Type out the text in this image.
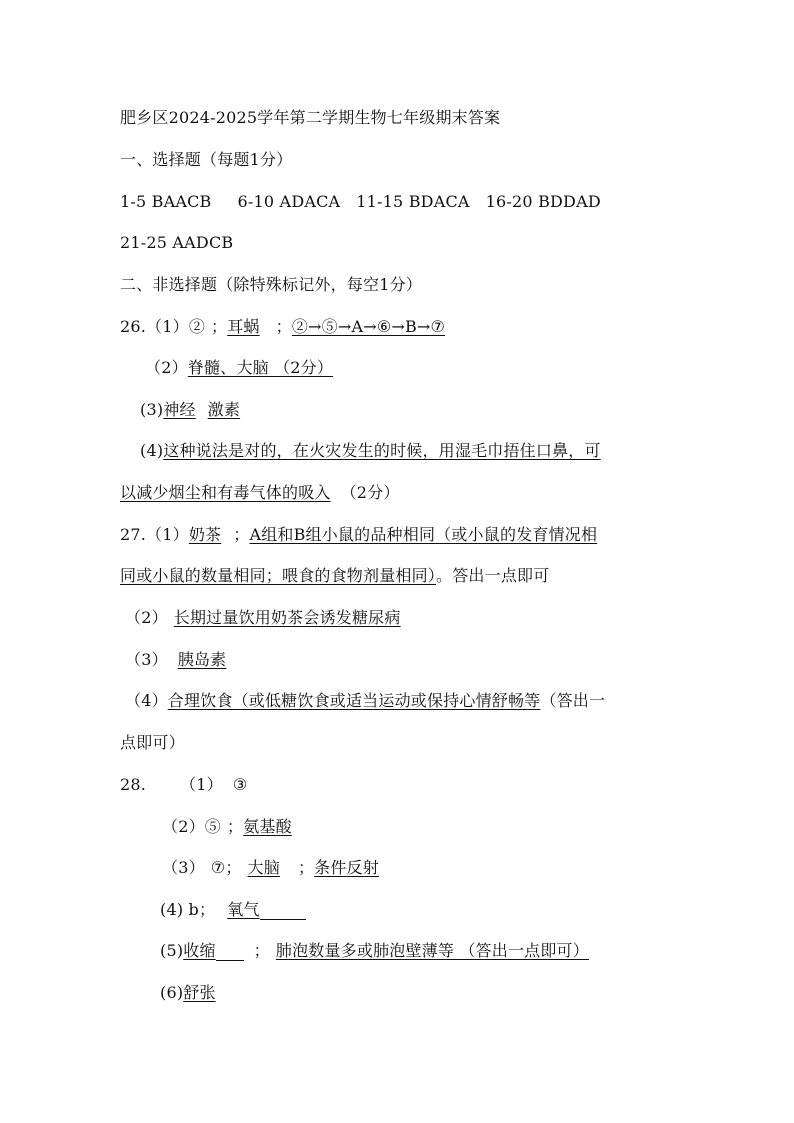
肥乡区2024-2025学年第二学期生物七年级期末答案
一、选择题（每题1分）
1-5 BAACB 6-10 ADACA 11-15 BDACA 16-20 BDDAD
21-25 AADCB
二、非选择题（除特殊标记外，每空1分）
26.（1）② ；耳蜗 ；②→⑤→A→⑥→B→⑦
（2）脊髓、大脑 （2分）
(3)神经 激素
(4)这种说法是对的，在火灾发生的时候，用湿毛巾捂住口鼻，可
以减少烟尘和有毒气体的吸入 （2分）
27.（1）奶茶 ；A组和B组小鼠的品种相同（或小鼠的发育情况相
同或小鼠的数量相同；喂食的食物剂量相同）。答出一点即可
（2） 长期过量饮用奶茶会诱发糖尿病
（3） 胰岛素
（4）合理饮食（或低糖饮食或适当运动或保持心情舒畅等（答出一
点即可）
28. （1） ③
（2）⑤ ；氨基酸
（3） ⑦； 大脑 ；条件反射
(4) b； 氧气
(5)收缩 ； 肺泡数量多或肺泡壁薄等 （答出一点即可）
(6)舒张
